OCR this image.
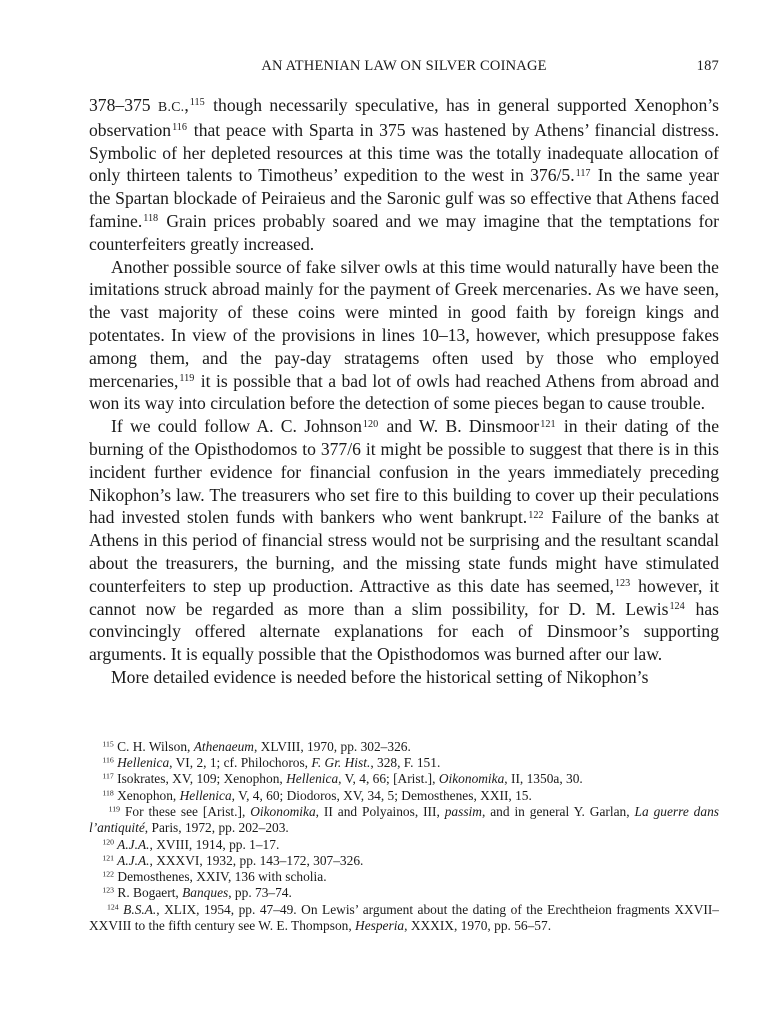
AN ATHENIAN LAW ON SILVER COINAGE	187

378–375 B.C.,$^{115}$ though necessarily speculative, has in general supported Xenophon’s observation$^{116}$ that peace with Sparta in 375 was hastened by Athens’ financial distress. Symbolic of her depleted resources at this time was the totally inadequate allocation of only thirteen talents to Timotheus’ expedition to the west in 376/5.$^{117}$ In the same year the Spartan blockade of Peiraieus and the Saronic gulf was so effective that Athens faced famine.$^{118}$ Grain prices probably soared and we may imagine that the temptations for counterfeiters greatly increased.

Another possible source of fake silver owls at this time would naturally have been the imitations struck abroad mainly for the payment of Greek mercenaries. As we have seen, the vast majority of these coins were minted in good faith by foreign kings and potentates. In view of the provisions in lines 10–13, however, which presuppose fakes among them, and the pay-day stratagems often used by those who employed mercenaries,$^{119}$ it is possible that a bad lot of owls had reached Athens from abroad and won its way into circulation before the detection of some pieces began to cause trouble.

If we could follow A. C. Johnson$^{120}$ and W. B. Dinsmoor$^{121}$ in their dating of the burning of the Opisthodomos to 377/6 it might be possible to suggest that there is in this incident further evidence for financial confusion in the years immediately preceding Nikophon’s law. The treasurers who set fire to this building to cover up their peculations had invested stolen funds with bankers who went bankrupt.$^{122}$ Failure of the banks at Athens in this period of financial stress would not be surprising and the resultant scandal about the treasurers, the burning, and the missing state funds might have stimulated counterfeiters to step up production. Attractive as this date has seemed,$^{123}$ however, it cannot now be regarded as more than a slim possibility, for D. M. Lewis$^{124}$ has convincingly offered alternate explanations for each of Dinsmoor’s supporting arguments. It is equally possible that the Opisthodomos was burned after our law.

More detailed evidence is needed before the historical setting of Nikophon’s

$^{115}$ C. H. Wilson, Athenaeum, XLVIII, 1970, pp. 302–326.
$^{116}$ Hellenica, VI, 2, 1; cf. Philochoros, F. Gr. Hist., 328, F. 151.
$^{117}$ Isokrates, XV, 109; Xenophon, Hellenica, V, 4, 66; [Arist.], Oikonomika, II, 1350a, 30.
$^{118}$ Xenophon, Hellenica, V, 4, 60; Diodoros, XV, 34, 5; Demosthenes, XXII, 15.
$^{119}$ For these see [Arist.], Oikonomika, II and Polyainos, III, passim, and in general Y. Garlan, La guerre dans l’antiquité, Paris, 1972, pp. 202–203.
$^{120}$ A.J.A., XVIII, 1914, pp. 1–17.
$^{121}$ A.J.A., XXXVI, 1932, pp. 143–172, 307–326.
$^{122}$ Demosthenes, XXIV, 136 with scholia.
$^{123}$ R. Bogaert, Banques, pp. 73–74.
$^{124}$ B.S.A., XLIX, 1954, pp. 47–49. On Lewis’ argument about the dating of the Erechtheion fragments XXVII–XXVIII to the fifth century see W. E. Thompson, Hesperia, XXXIX, 1970, pp. 56–57.
